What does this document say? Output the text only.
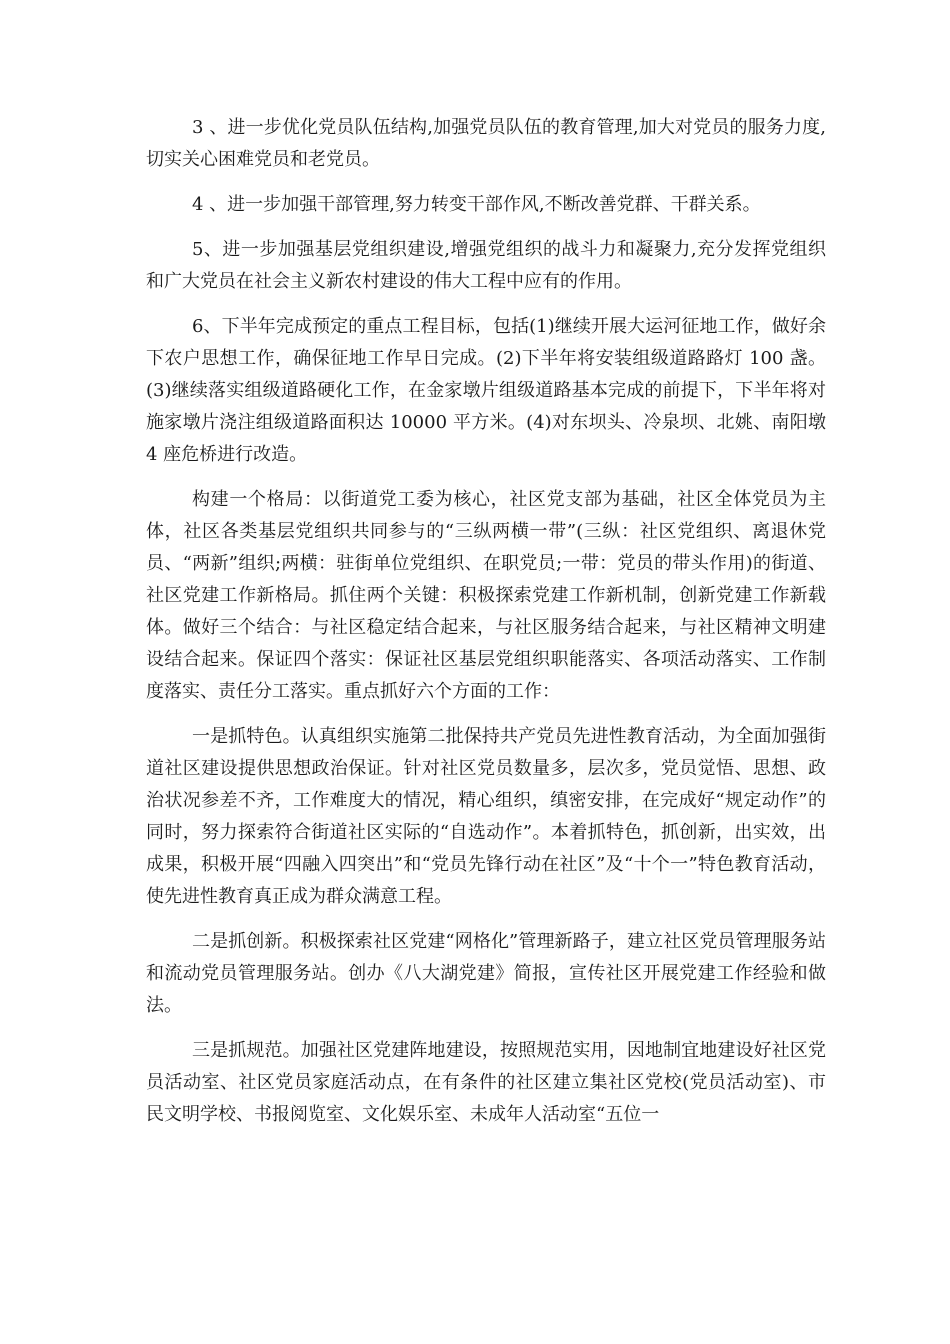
3 、进一步优化党员队伍结构,加强党员队伍的教育管理,加大对党员的服务力度,切实关心困难党员和老党员。

4 、进一步加强干部管理,努力转变干部作风,不断改善党群、干群关系。

5、进一步加强基层党组织建设,增强党组织的战斗力和凝聚力,充分发挥党组织和广大党员在社会主义新农村建设的伟大工程中应有的作用。

6、下半年完成预定的重点工程目标，包括(1)继续开展大运河征地工作，做好余下农户思想工作，确保征地工作早日完成。(2)下半年将安装组级道路路灯 100 盏。(3)继续落实组级道路硬化工作，在金家墩片组级道路基本完成的前提下，下半年将对施家墩片浇注组级道路面积达 10000 平方米。(4)对东坝头、冷泉坝、北姚、南阳墩 4 座危桥进行改造。

构建一个格局：以街道党工委为核心，社区党支部为基础，社区全体党员为主体，社区各类基层党组织共同参与的“三纵两横一带”(三纵：社区党组织、离退休党员、“两新”组织;两横：驻街单位党组织、在职党员;一带：党员的带头作用)的街道、社区党建工作新格局。抓住两个关键：积极探索党建工作新机制，创新党建工作新载体。做好三个结合：与社区稳定结合起来，与社区服务结合起来，与社区精神文明建设结合起来。保证四个落实：保证社区基层党组织职能落实、各项活动落实、工作制度落实、责任分工落实。重点抓好六个方面的工作：

一是抓特色。认真组织实施第二批保持共产党员先进性教育活动，为全面加强街道社区建设提供思想政治保证。针对社区党员数量多，层次多，党员觉悟、思想、政治状况参差不齐，工作难度大的情况，精心组织，缜密安排，在完成好“规定动作”的同时，努力探索符合街道社区实际的“自选动作”。本着抓特色，抓创新，出实效，出成果，积极开展“四融入四突出”和“党员先锋行动在社区”及“十个一”特色教育活动，使先进性教育真正成为群众满意工程。

二是抓创新。积极探索社区党建“网格化”管理新路子，建立社区党员管理服务站和流动党员管理服务站。创办《八大湖党建》简报，宣传社区开展党建工作经验和做法。

三是抓规范。加强社区党建阵地建设，按照规范实用，因地制宜地建设好社区党员活动室、社区党员家庭活动点，在有条件的社区建立集社区党校(党员活动室)、市民文明学校、书报阅览室、文化娱乐室、未成年人活动室“五位一
